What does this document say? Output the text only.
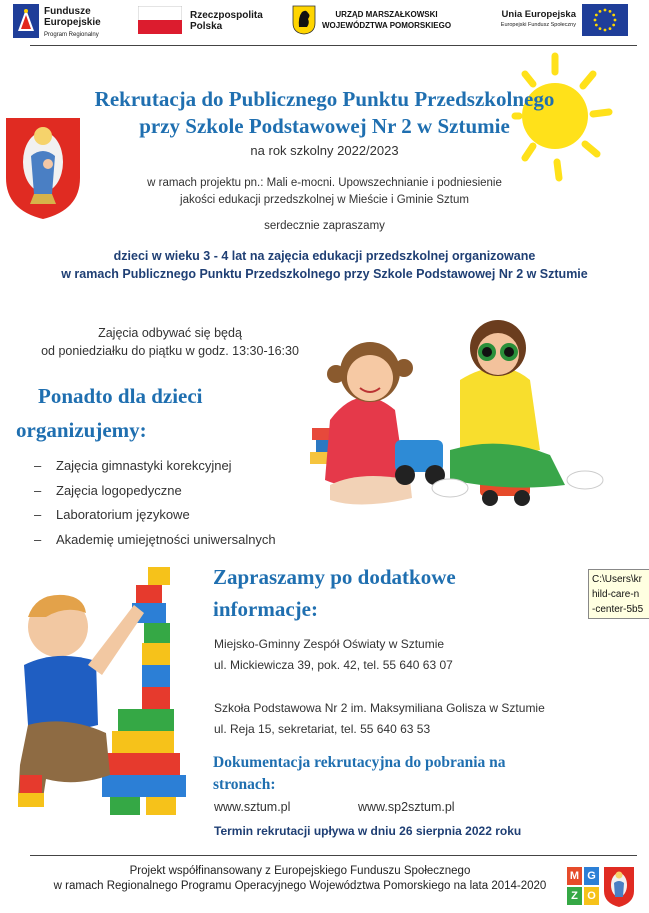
Fundusze
Europejskie
Program Regionalny
Rzeczpospolita
Polska
URZĄD MARSZAŁKOWSKI
WOJEWÓDZTWA POMORSKIEGO
Unia Europejska
Europejski Fundusz Społeczny
Rekrutacja do Publicznego Punktu Przedszkolnego
przy Szkole Podstawowej Nr 2 w Sztumie
na rok szkolny 2022/2023
w ramach projektu pn.: Mali e-mocni. Upowszechnianie i podniesienie
jakości edukacji przedszkolnej w Mieście i Gminie Sztum
serdecznie zapraszamy
dzieci w wieku 3 - 4 lat na zajęcia edukacji przedszkolnej organizowane
w ramach Publicznego Punktu Przedszkolnego przy Szkole Podstawowej Nr 2 w Sztumie
Zajęcia odbywać się będą
od poniedziałku do piątku w godz. 13:30-16:30
Ponadto dla dzieci
organizujemy:
– Zajęcia gimnastyki korekcyjnej
– Zajęcia logopedyczne
– Laboratorium językowe
– Akademię umiejętności uniwersalnych
Zapraszamy po dodatkowe
informacje:
Miejsko-Gminny Zespół Oświaty w Sztumie
ul. Mickiewicza 39, pok. 42, tel. 55 640 63 07
Szkoła Podstawowa Nr 2 im. Maksymiliana Golisza w Sztumie
ul. Reja 15, sekretariat, tel. 55 640 63 53
Dokumentacja rekrutacyjna do pobrania na
stronach:
www.sztum.pl	www.sp2sztum.pl
Termin rekrutacji upływa w dniu 26 sierpnia 2022 roku
C:\Users\kr
hild-care-n
-center-5b5
Projekt współfinansowany z Europejskiego Funduszu Społecznego
w ramach Regionalnego Programu Operacyjnego Województwa Pomorskiego na lata 2014-2020
M G
Z O
